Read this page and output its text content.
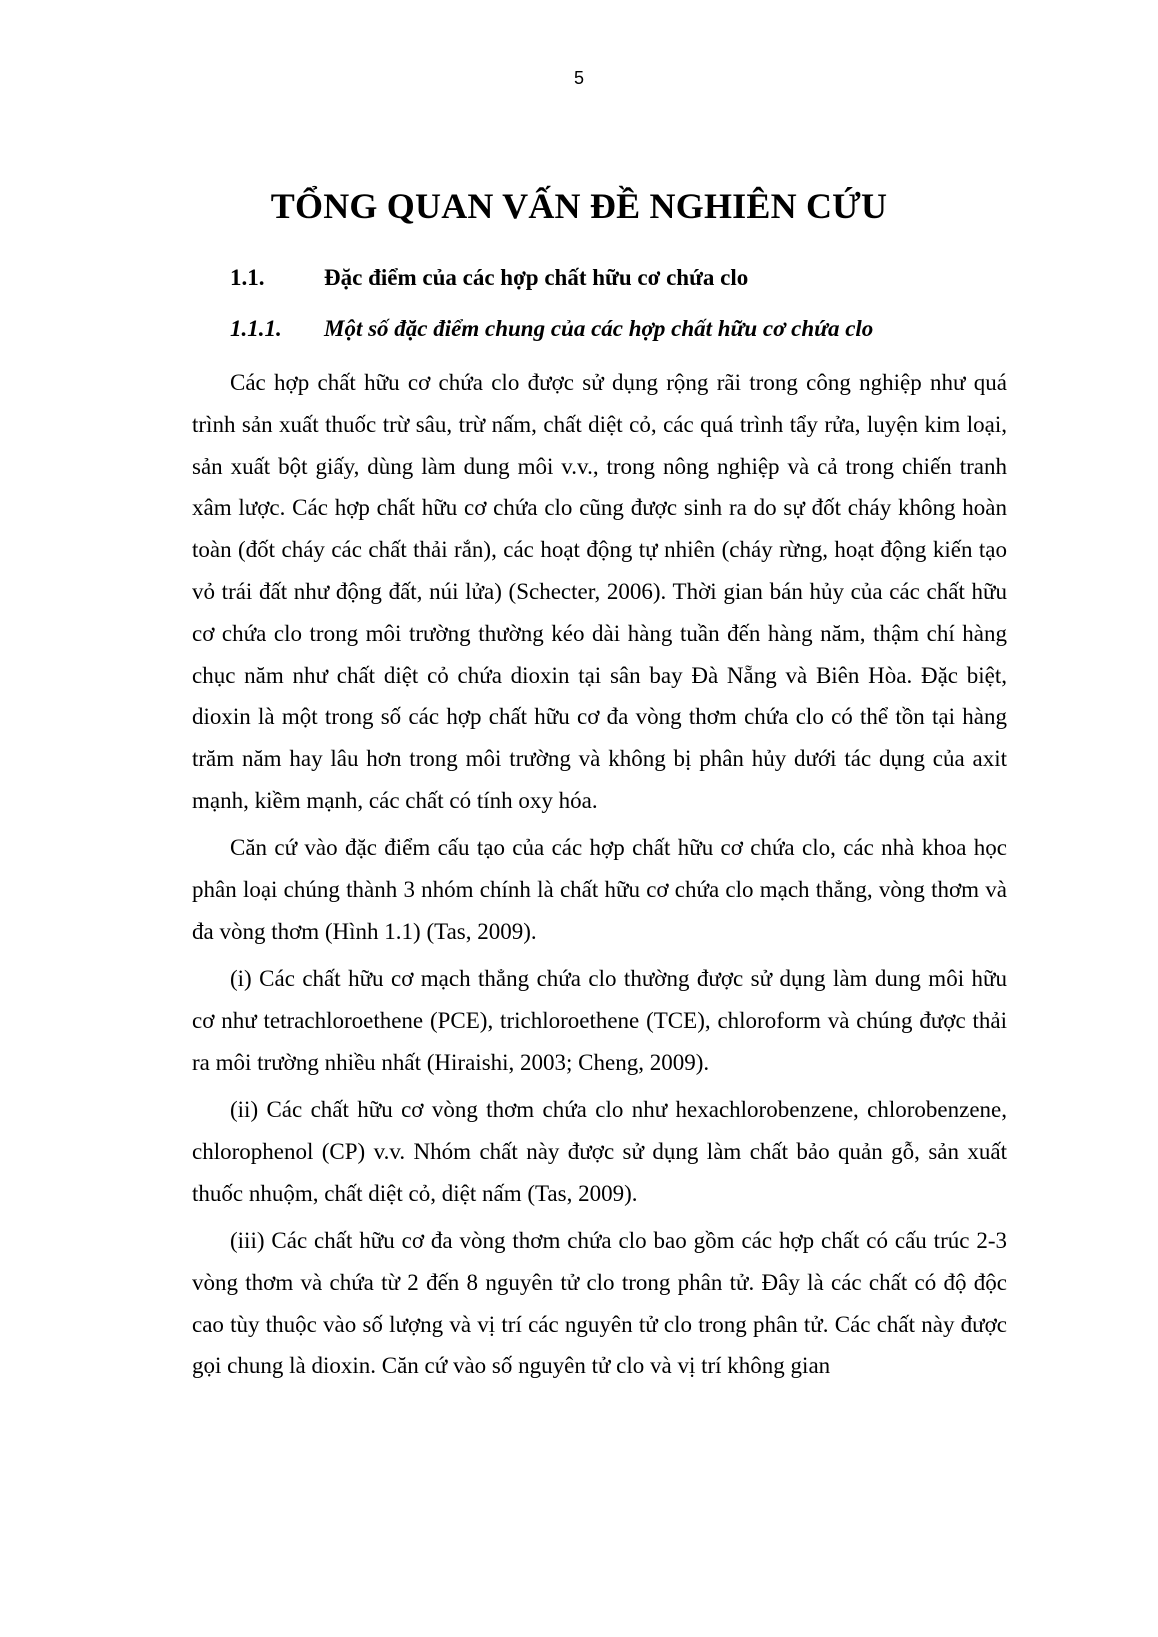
5
TỔNG QUAN VẤN ĐỀ NGHIÊN CỨU
1.1.	Đặc điểm của các hợp chất hữu cơ chứa clo
1.1.1. Một số đặc điểm chung của các hợp chất hữu cơ chứa clo

Các hợp chất hữu cơ chứa clo được sử dụng rộng rãi trong công nghiệp như quá trình sản xuất thuốc trừ sâu, trừ nấm, chất diệt cỏ, các quá trình tẩy rửa, luyện kim loại, sản xuất bột giấy, dùng làm dung môi v.v., trong nông nghiệp và cả trong chiến tranh xâm lược. Các hợp chất hữu cơ chứa clo cũng được sinh ra do sự đốt cháy không hoàn toàn (đốt cháy các chất thải rắn), các hoạt động tự nhiên (cháy rừng, hoạt động kiến tạo vỏ trái đất như động đất, núi lửa) (Schecter, 2006). Thời gian bán hủy của các chất hữu cơ chứa clo trong môi trường thường kéo dài hàng tuần đến hàng năm, thậm chí hàng chục năm như chất diệt cỏ chứa dioxin tại sân bay Đà Nẵng và Biên Hòa. Đặc biệt, dioxin là một trong số các hợp chất hữu cơ đa vòng thơm chứa clo có thể tồn tại hàng trăm năm hay lâu hơn trong môi trường và không bị phân hủy dưới tác dụng của axit mạnh, kiềm mạnh, các chất có tính oxy hóa.

Căn cứ vào đặc điểm cấu tạo của các hợp chất hữu cơ chứa clo, các nhà khoa học phân loại chúng thành 3 nhóm chính là chất hữu cơ chứa clo mạch thẳng, vòng thơm và đa vòng thơm (Hình 1.1) (Tas, 2009).

(i) Các chất hữu cơ mạch thẳng chứa clo thường được sử dụng làm dung môi hữu cơ như tetrachloroethene (PCE), trichloroethene (TCE), chloroform và chúng được thải ra môi trường nhiều nhất (Hiraishi, 2003; Cheng, 2009).

(ii) Các chất hữu cơ vòng thơm chứa clo như hexachlorobenzene, chlorobenzene, chlorophenol (CP) v.v. Nhóm chất này được sử dụng làm chất bảo quản gỗ, sản xuất thuốc nhuộm, chất diệt cỏ, diệt nấm (Tas, 2009).

(iii) Các chất hữu cơ đa vòng thơm chứa clo bao gồm các hợp chất có cấu trúc 2-3 vòng thơm và chứa từ 2 đến 8 nguyên tử clo trong phân tử. Đây là các chất có độ độc cao tùy thuộc vào số lượng và vị trí các nguyên tử clo trong phân tử. Các chất này được gọi chung là dioxin. Căn cứ vào số nguyên tử clo và vị trí không gian
